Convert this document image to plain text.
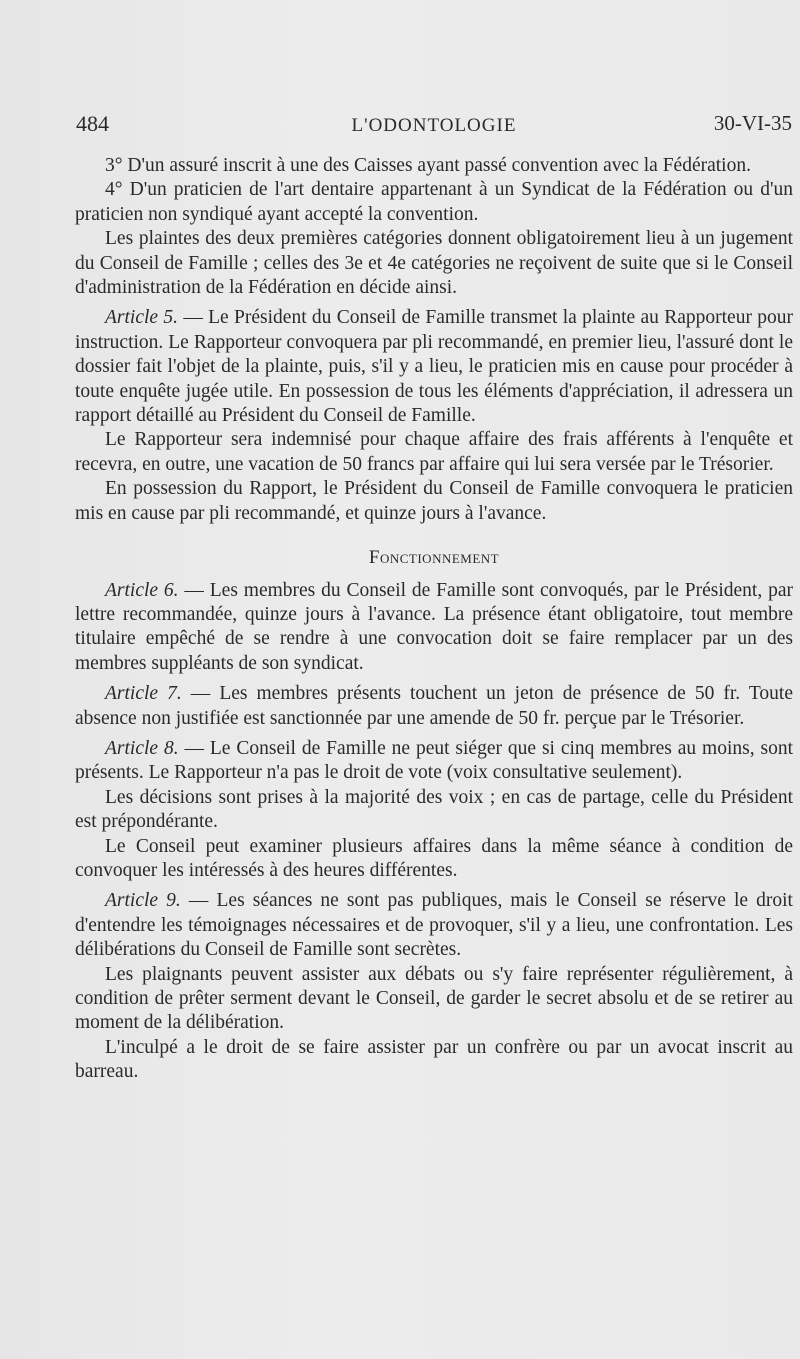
484	L'ODONTOLOGIE	30-VI-35

3° D'un assuré inscrit à une des Caisses ayant passé convention avec la Fédération.

4° D'un praticien de l'art dentaire appartenant à un Syndicat de la Fédération ou d'un praticien non syndiqué ayant accepté la convention.

Les plaintes des deux premières catégories donnent obligatoirement lieu à un jugement du Conseil de Famille ; celles des 3e et 4e catégories ne reçoivent de suite que si le Conseil d'administration de la Fédération en décide ainsi.

Article 5. — Le Président du Conseil de Famille transmet la plainte au Rapporteur pour instruction. Le Rapporteur convoquera par pli recommandé, en premier lieu, l'assuré dont le dossier fait l'objet de la plainte, puis, s'il y a lieu, le praticien mis en cause pour procéder à toute enquête jugée utile. En possession de tous les éléments d'appréciation, il adressera un rapport détaillé au Président du Conseil de Famille.

Le Rapporteur sera indemnisé pour chaque affaire des frais afférents à l'enquête et recevra, en outre, une vacation de 50 francs par affaire qui lui sera versée par le Trésorier.

En possession du Rapport, le Président du Conseil de Famille convoquera le praticien mis en cause par pli recommandé, et quinze jours à l'avance.

Fonctionnement

Article 6. — Les membres du Conseil de Famille sont convoqués, par le Président, par lettre recommandée, quinze jours à l'avance. La présence étant obligatoire, tout membre titulaire empêché de se rendre à une convocation doit se faire remplacer par un des membres suppléants de son syndicat.

Article 7. — Les membres présents touchent un jeton de présence de 50 fr. Toute absence non justifiée est sanctionnée par une amende de 50 fr. perçue par le Trésorier.

Article 8. — Le Conseil de Famille ne peut siéger que si cinq membres au moins, sont présents. Le Rapporteur n'a pas le droit de vote (voix consultative seulement).

Les décisions sont prises à la majorité des voix ; en cas de partage, celle du Président est prépondérante.

Le Conseil peut examiner plusieurs affaires dans la même séance à condition de convoquer les intéressés à des heures différentes.

Article 9. — Les séances ne sont pas publiques, mais le Conseil se réserve le droit d'entendre les témoignages nécessaires et de provoquer, s'il y a lieu, une confrontation. Les délibérations du Conseil de Famille sont secrètes.

Les plaignants peuvent assister aux débats ou s'y faire représenter régulièrement, à condition de prêter serment devant le Conseil, de garder le secret absolu et de se retirer au moment de la délibération.

L'inculpé a le droit de se faire assister par un confrère ou par un avocat inscrit au barreau.
